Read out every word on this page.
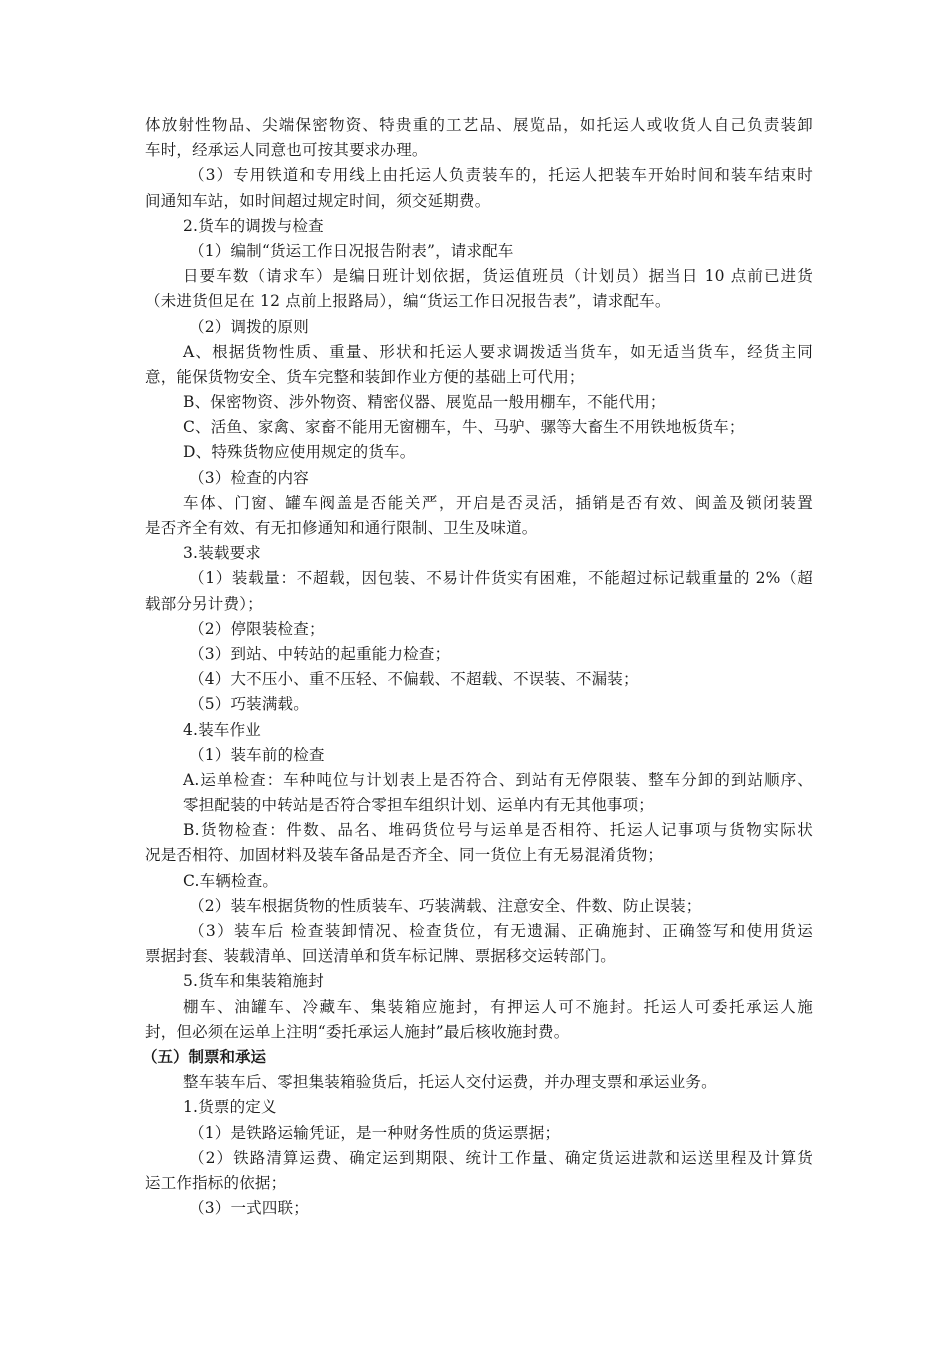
体放射性物品、尖端保密物资、特贵重的工艺品、展览品，如托运人或收货人自己负责装卸
车时，经承运人同意也可按其要求办理。
（3）专用铁道和专用线上由托运人负责装车的，托运人把装车开始时间和装车结束时
间通知车站，如时间超过规定时间，须交延期费。
2.货车的调拨与检查
（1）编制“货运工作日况报告附表”，请求配车
日要车数（请求车）是编日班计划依据，货运值班员（计划员）据当日 10 点前已进货
（未进货但足在 12 点前上报路局），编“货运工作日况报告表”，请求配车。
（2）调拨的原则
A、根据货物性质、重量、形状和托运人要求调拨适当货车，如无适当货车，经货主同
意，能保货物安全、货车完整和装卸作业方便的基础上可代用；
B、保密物资、涉外物资、精密仪器、展览品一般用棚车，不能代用；
C、活鱼、家禽、家畜不能用无窗棚车，牛、马驴、骡等大畜生不用铁地板货车；
D、特殊货物应使用规定的货车。
（3）检查的内容
车体、门窗、罐车阀盖是否能关严，开启是否灵活，插销是否有效、闽盖及锁闭装置
是否齐全有效、有无扣修通知和通行限制、卫生及味道。
3.装载要求
（1）装载量：不超载，因包装、不易计件货实有困难，不能超过标记载重量的 2%（超
载部分另计费）；
（2）停限装检查；
（3）到站、中转站的起重能力检查；
（4）大不压小、重不压轻、不偏载、不超载、不误装、不漏装；
（5）巧装满载。
4.装车作业
（1）装车前的检查
A.运单检查：车种吨位与计划表上是否符合、到站有无停限装、整车分卸的到站顺序、
零担配装的中转站是否符合零担车组织计划、运单内有无其他事项；
B.货物检查：件数、品名、堆码货位号与运单是否相符、托运人记事项与货物实际状
况是否相符、加固材料及装车备品是否齐全、同一货位上有无易混淆货物；
C.车辆检查。
（2）装车根据货物的性质装车、巧装满载、注意安全、件数、防止误装；
（3）装车后 检查装卸情况、检查货位，有无遗漏、正确施封、正确签写和使用货运
票据封套、装载清单、回送清单和货车标记牌、票据移交运转部门。
5.货车和集装箱施封
棚车、油罐车、冷藏车、集装箱应施封，有押运人可不施封。托运人可委托承运人施
封，但必须在运单上注明“委托承运人施封”最后核收施封费。
（五）制票和承运
整车装车后、零担集装箱验货后，托运人交付运费，并办理支票和承运业务。
1.货票的定义
（1）是铁路运输凭证，是一种财务性质的货运票据；
（2）铁路清算运费、确定运到期限、统计工作量、确定货运进款和运送里程及计算货
运工作指标的依据；
（3）一式四联；
